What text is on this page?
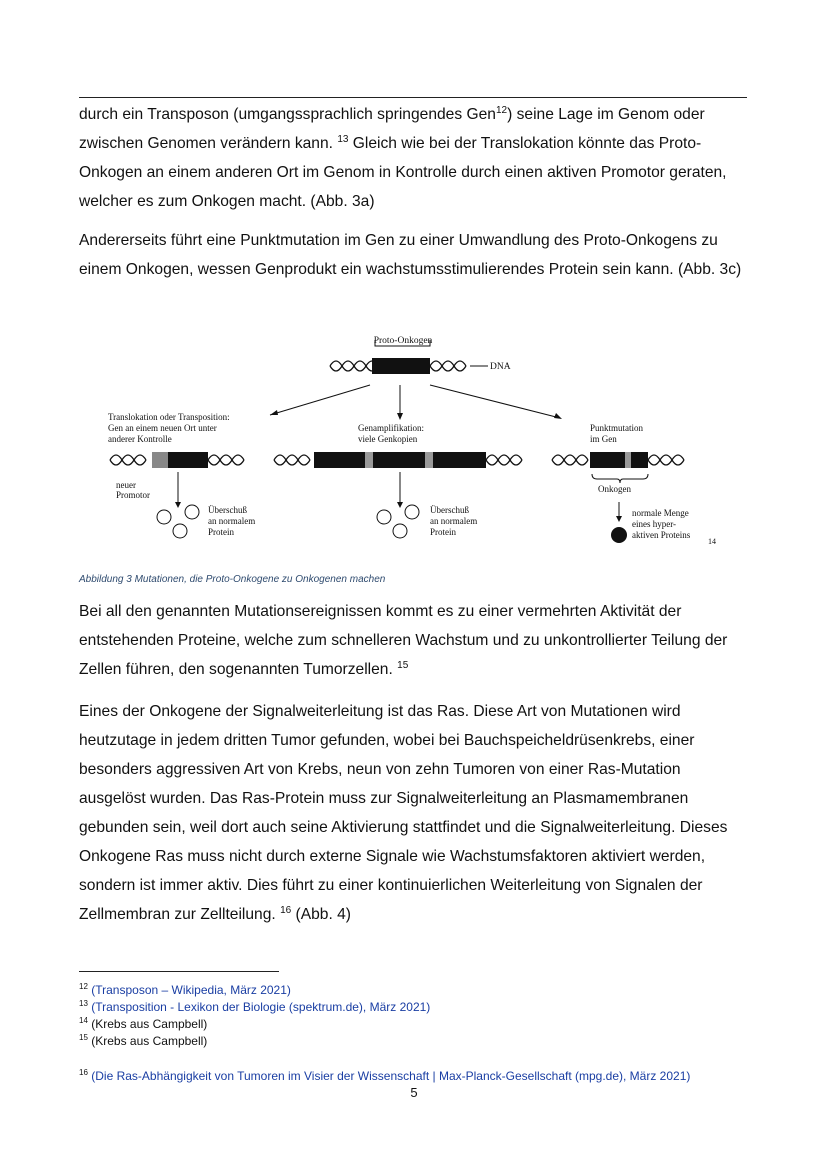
durch ein Transposon (umgangssprachlich springendes Gen$^{12}$) seine Lage im Genom oder zwischen Genomen verändern kann. $^{13}$ Gleich wie bei der Translokation könnte das Proto-Onkogen an einem anderen Ort im Genom in Kontrolle durch einen aktiven Promotor geraten, welcher es zum Onkogen macht. (Abb. 3a)

Andererseits führt eine Punktmutation im Gen zu einer Umwandlung des Proto-Onkogens zu einem Onkogen, wessen Genprodukt ein wachstumsstimulierendes Protein sein kann. (Abb. 3c)

Proto-Onkogen
DNA
Translokation oder Transposition:
Gen an einem neuen Ort unter
anderer Kontrolle
neuer
Promotor
Überschuß
an normalem
Protein
Genamplifikation:
viele Genkopien
Überschuß
an normalem
Protein
Punktmutation
im Gen
Onkogen
normale Menge
eines hyper-
aktiven Proteins
14
Abbildung 3 Mutationen, die Proto-Onkogene zu Onkogenen machen

Bei all den genannten Mutationsereignissen kommt es zu einer vermehrten Aktivität der entstehenden Proteine, welche zum schnelleren Wachstum und zu unkontrollierter Teilung der Zellen führen, den sogenannten Tumorzellen. $^{15}$

Eines der Onkogene der Signalweiterleitung ist das Ras. Diese Art von Mutationen wird heutzutage in jedem dritten Tumor gefunden, wobei bei Bauchspeicheldrüsenkrebs, einer besonders aggressiven Art von Krebs, neun von zehn Tumoren von einer Ras-Mutation ausgelöst wurden. Das Ras-Protein muss zur Signalweiterleitung an Plasmamembranen gebunden sein, weil dort auch seine Aktivierung stattfindet und die Signalweiterleitung. Dieses Onkogene Ras muss nicht durch externe Signale wie Wachstumsfaktoren aktiviert werden, sondern ist immer aktiv. Dies führt zu einer kontinuierlichen Weiterleitung von Signalen der Zellmembran zur Zellteilung. $^{16}$ (Abb. 4)

$^{12}$ (Transposon – Wikipedia, März 2021)
$^{13}$ (Transposition - Lexikon der Biologie (spektrum.de), März 2021)
$^{14}$ (Krebs aus Campbell)
$^{15}$ (Krebs aus Campbell)
$^{16}$ (Die Ras-Abhängigkeit von Tumoren im Visier der Wissenschaft | Max-Planck-Gesellschaft (mpg.de), März 2021)
5
